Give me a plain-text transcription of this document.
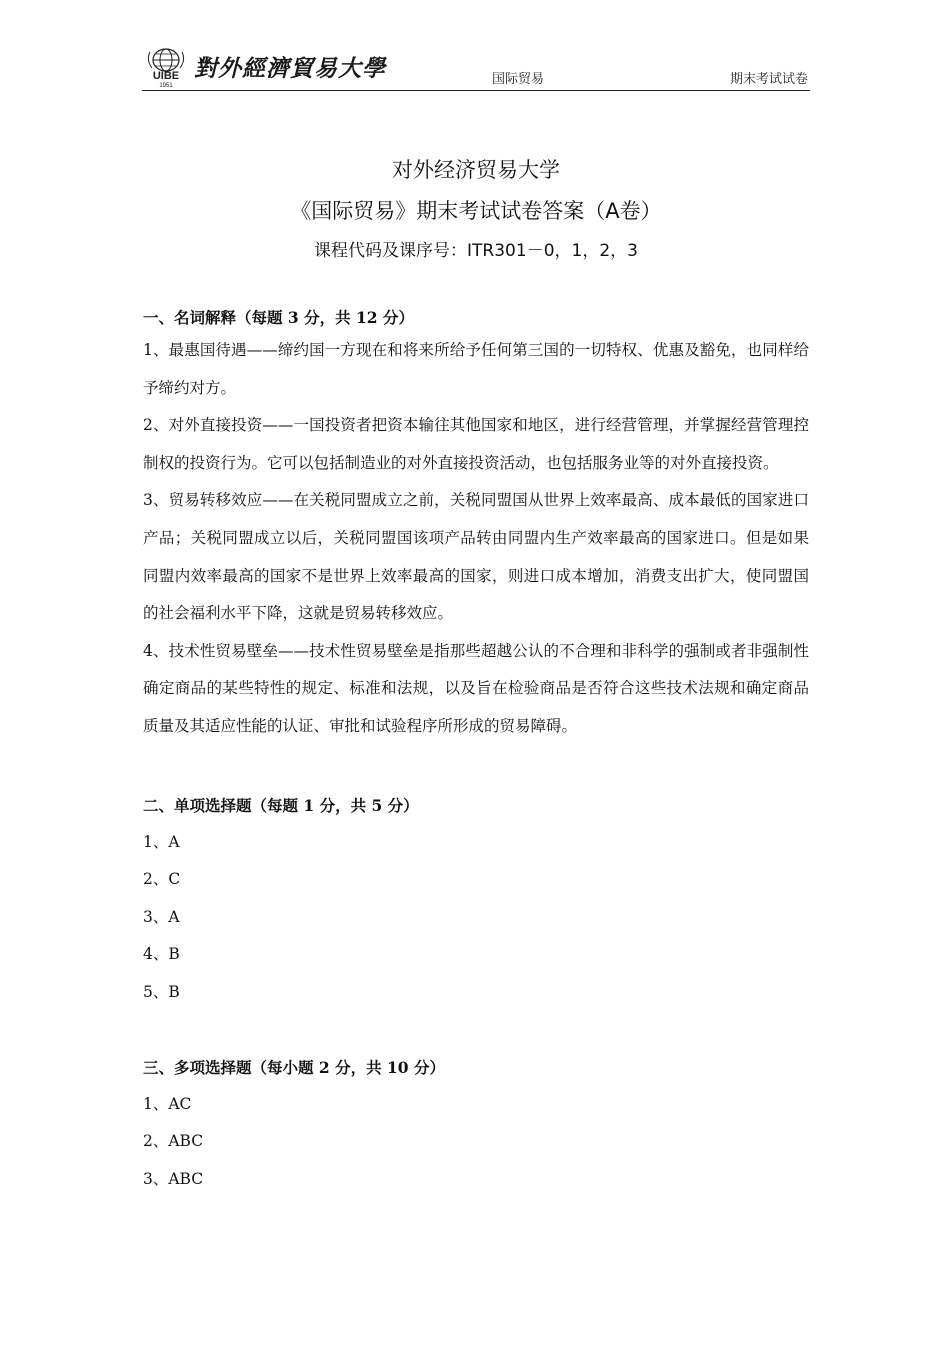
UIBE
1951
對外經濟貿易大學	国际贸易	期末考试试卷
对外经济贸易大学
《国际贸易》期末考试试卷答案（A卷）
课程代码及课序号：ITR301－0，1，2，3
一、名词解释（每题 3 分，共 12 分）

1、最惠国待遇——缔约国一方现在和将来所给予任何第三国的一切特权、优惠及豁免，也同样给予缔约对方。

2、对外直接投资——一国投资者把资本输往其他国家和地区，进行经营管理，并掌握经营管理控制权的投资行为。它可以包括制造业的对外直接投资活动，也包括服务业等的对外直接投资。

3、贸易转移效应——在关税同盟成立之前，关税同盟国从世界上效率最高、成本最低的国家进口产品；关税同盟成立以后，关税同盟国该项产品转由同盟内生产效率最高的国家进口。但是如果同盟内效率最高的国家不是世界上效率最高的国家，则进口成本增加，消费支出扩大，使同盟国的社会福利水平下降，这就是贸易转移效应。

4、技术性贸易壁垒——技术性贸易壁垒是指那些超越公认的不合理和非科学的强制或者非强制性确定商品的某些特性的规定、标准和法规，以及旨在检验商品是否符合这些技术法规和确定商品质量及其适应性能的认证、审批和试验程序所形成的贸易障碍。

二、单项选择题（每题 1 分，共 5 分）
1、A
2、C
3、A
4、B
5、B
三、多项选择题（每小题 2 分，共 10 分）
1、AC
2、ABC
3、ABC
